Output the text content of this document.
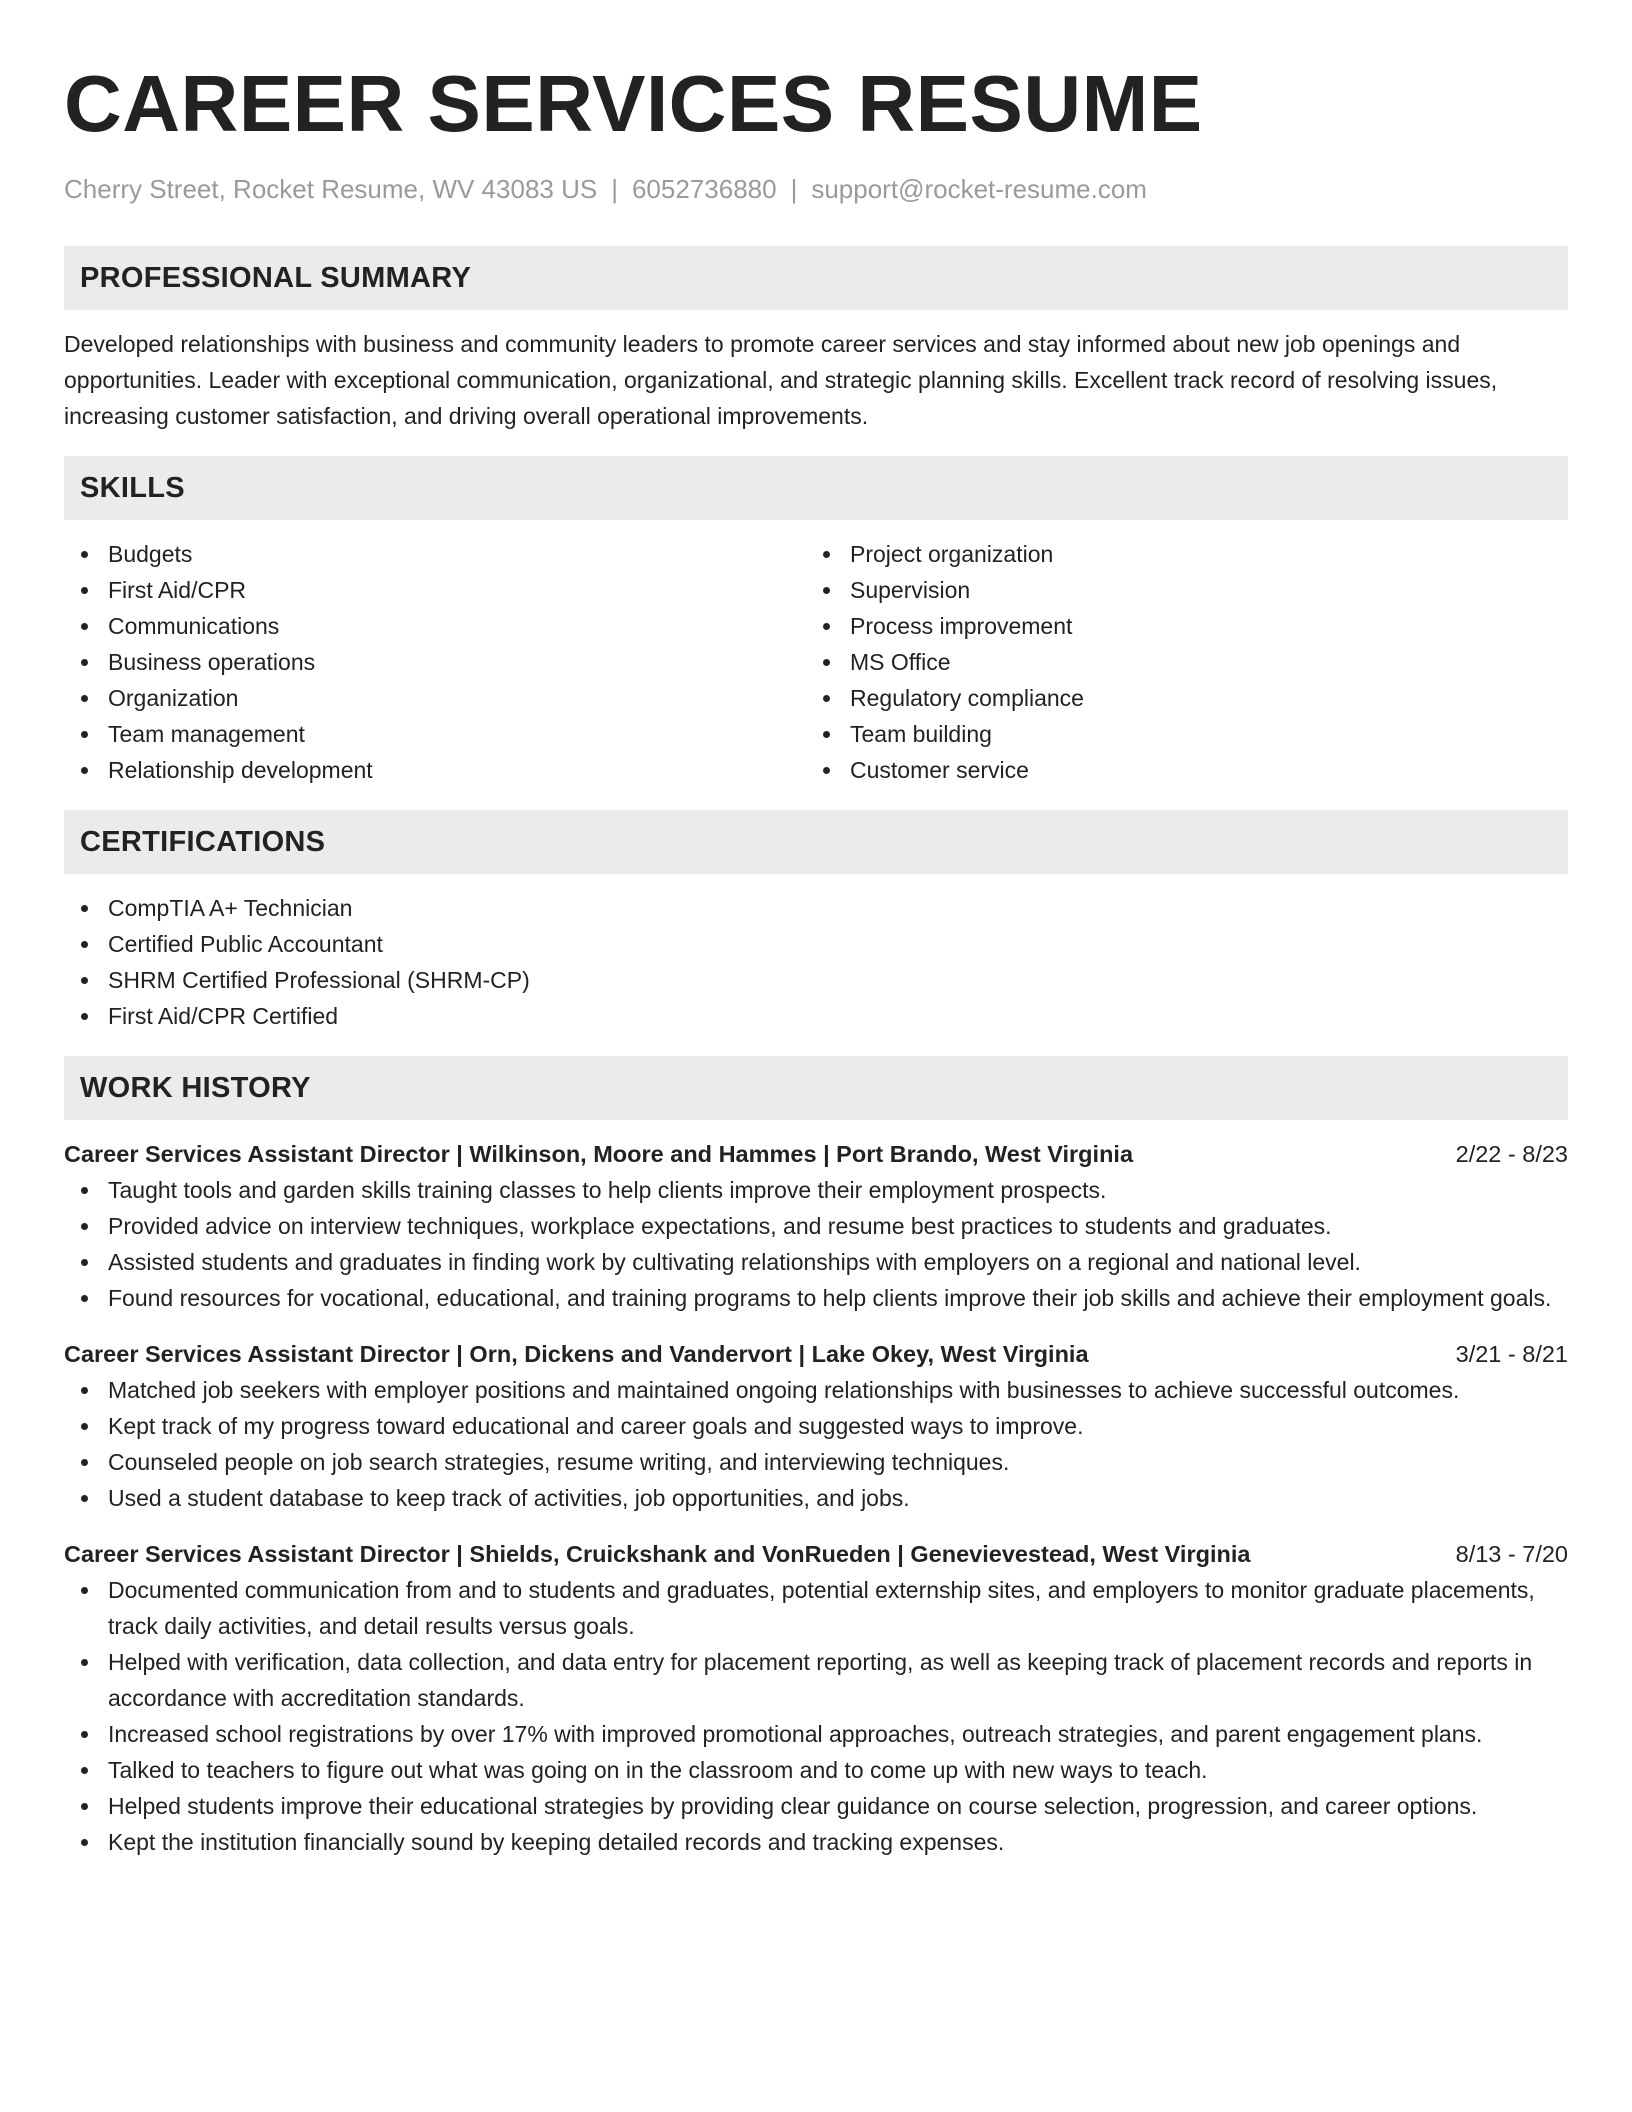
CAREER SERVICES RESUME
Cherry Street, Rocket Resume, WV 43083 US | 6052736880 | support@rocket-resume.com
PROFESSIONAL SUMMARY

Developed relationships with business and community leaders to promote career services and stay informed about new job openings and opportunities. Leader with exceptional communication, organizational, and strategic planning skills. Excellent track record of resolving issues, increasing customer satisfaction, and driving overall operational improvements.

SKILLS
Budgets
First Aid/CPR
Communications
Business operations
Organization
Team management
Relationship development
Project organization
Supervision
Process improvement
MS Office
Regulatory compliance
Team building
Customer service
CERTIFICATIONS
CompTIA A+ Technician
Certified Public Accountant
SHRM Certified Professional (SHRM-CP)
First Aid/CPR Certified
WORK HISTORY
Career Services Assistant Director | Wilkinson, Moore and Hammes | Port Brando, West Virginia	2/22 - 8/23
Taught tools and garden skills training classes to help clients improve their employment prospects.
Provided advice on interview techniques, workplace expectations, and resume best practices to students and graduates.
Assisted students and graduates in finding work by cultivating relationships with employers on a regional and national level.
Found resources for vocational, educational, and training programs to help clients improve their job skills and achieve their employment goals.
Career Services Assistant Director | Orn, Dickens and Vandervort | Lake Okey, West Virginia	3/21 - 8/21
Matched job seekers with employer positions and maintained ongoing relationships with businesses to achieve successful outcomes.
Kept track of my progress toward educational and career goals and suggested ways to improve.
Counseled people on job search strategies, resume writing, and interviewing techniques.
Used a student database to keep track of activities, job opportunities, and jobs.
Career Services Assistant Director | Shields, Cruickshank and VonRueden | Genevievestead, West Virginia	8/13 - 7/20
Documented communication from and to students and graduates, potential externship sites, and employers to monitor graduate placements, track daily activities, and detail results versus goals.
Helped with verification, data collection, and data entry for placement reporting, as well as keeping track of placement records and reports in accordance with accreditation standards.
Increased school registrations by over 17% with improved promotional approaches, outreach strategies, and parent engagement plans.
Talked to teachers to figure out what was going on in the classroom and to come up with new ways to teach.
Helped students improve their educational strategies by providing clear guidance on course selection, progression, and career options.
Kept the institution financially sound by keeping detailed records and tracking expenses.
